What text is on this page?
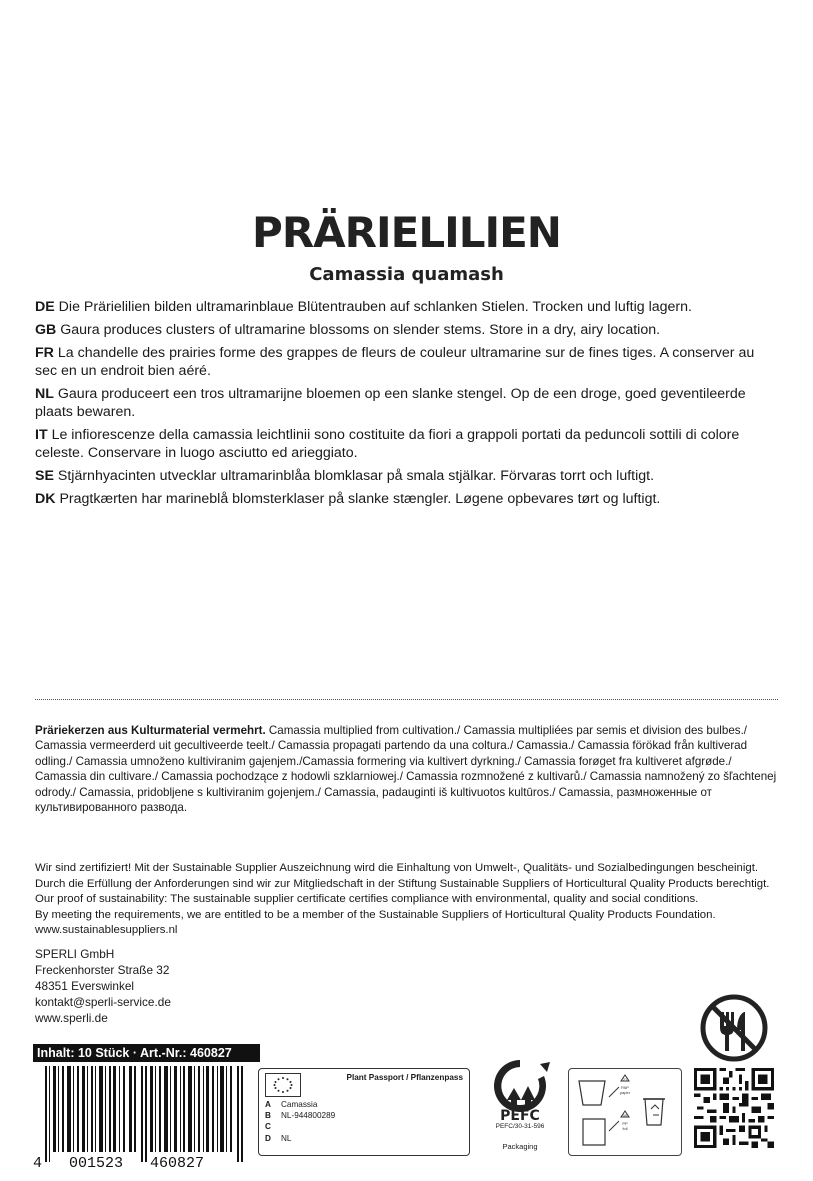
PRÄRIELILIEN
Camassia quamash

DE Die Prärielilien bilden ultramarinblaue Blütentrauben auf schlanken Stielen. Trocken und luftig lagern.

GB Gaura produces clusters of ultramarine blossoms on slender stems. Store in a dry, airy location.

FR La chandelle des prairies forme des grappes de fleurs de couleur ultramarine sur de fines tiges. A conserver au sec en un endroit bien aéré.

NL Gaura produceert een tros ultramarijne bloemen op een slanke stengel. Op de een droge, goed geventileerde plaats bewaren.

IT Le infiorescenze della camassia leichtlinii sono costituite da fiori a grappoli portati da peduncoli sottili di colore celeste. Conservare in luogo asciutto ed arieggiato.

SE Stjärnhyacinten utvecklar ultramarinblåa blomklasar på smala stjälkar. Förvaras torrt och luftigt.

DK Pragtkærten har marineblå blomsterklaser på slanke stængler. Løgene opbevares tørt og luftigt.

Präriekerzen aus Kulturmaterial vermehrt. Camassia multiplied from cultivation./ Camassia multipliées par semis et division des bulbes./ Camassia vermeerderd uit gecultiveerde teelt./ Camassia propagati partendo da una coltura./ Camassia./ Camassia förökad från kultiverad odling./ Camassia umnoženo kultiviranim gajenjem./Camassia formering via kultivert dyrkning./ Camassia forøget fra kultiveret afgrøde./ Camassia din cultivare./ Camassia pochodzące z hodowli szklarniowej./ Camassia rozmnožené z kultivarů./ Camassia namnožený zo šľachtenej odrody./ Camassia, pridobljene s kultiviranim gojenjem./ Camassia, padauginti iš kultivuotos kultūros./ Camassia, размноженные от культивированного развода.
Wir sind zertifiziert! Mit der Sustainable Supplier Auszeichnung wird die Einhaltung von Umwelt-, Qualitäts- und Sozialbedingungen bescheinigt.
Durch die Erfüllung der Anforderungen sind wir zur Mitgliedschaft in der Stiftung Sustainable Suppliers of Horticultural Quality Products berechtigt.
Our proof of sustainability: The sustainable supplier certificate certifies compliance with environmental, quality and social conditions.
By meeting the requirements, we are entitled to be a member of the Sustainable Suppliers of Horticultural Quality Products Foundation.
www.sustainablesuppliers.nl
SPERLI GmbH
Freckenhorster Straße 32
48351 Everswinkel
kontakt@sperli-service.de
www.sperli.de
Inhalt: 10 Stück · Art.-Nr.: 460827
4   001523   460827
Plant Passport / Pflanzenpass
A Camassia
B NL-944800289
C
D NL
PEFC
PEFC/30-31-596
Packaging
21
PAP
paper
05
PP
foil
